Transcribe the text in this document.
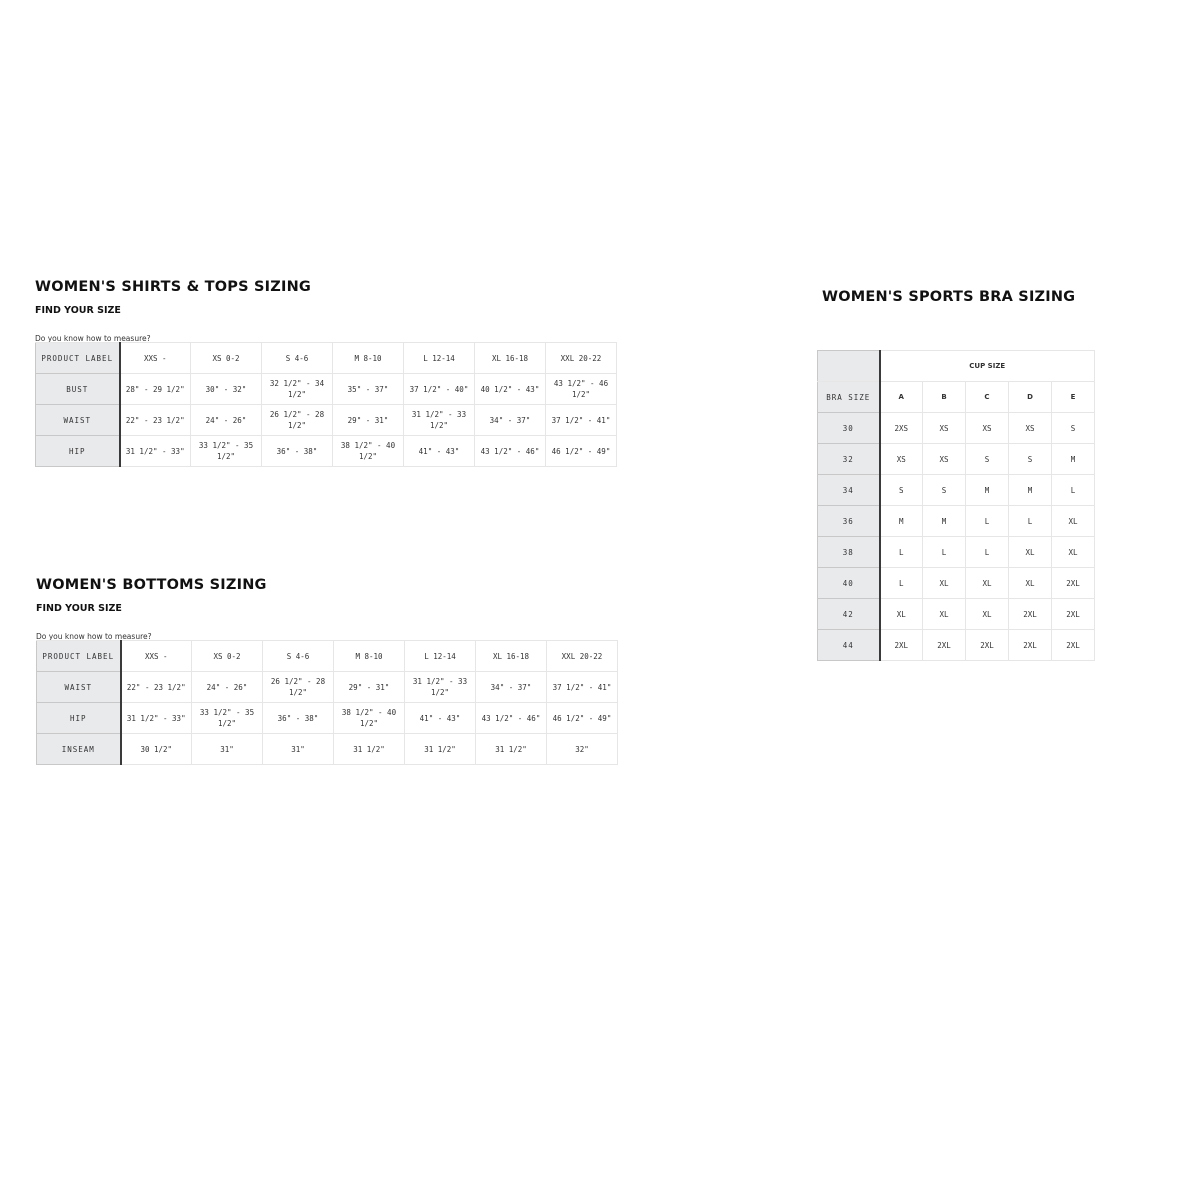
WOMEN'S SHIRTS & TOPS SIZING

FIND YOUR SIZE

Do you know how to measure?
PRODUCT LABEL	XXS -	XS 0-2	S 4-6	M 8-10	L 12-14	XL 16-18	XXL 20-22
BUST	28" - 29 1/2"	30" - 32"	32 1/2" - 34 1/2"	35" - 37"	37 1/2" - 40"	40 1/2" - 43"	43 1/2" - 46 1/2"
WAIST	22" - 23 1/2"	24" - 26"	26 1/2" - 28 1/2"	29" - 31"	31 1/2" - 33 1/2"	34" - 37"	37 1/2" - 41"
HIP	31 1/2" - 33"	33 1/2" - 35 1/2"	36" - 38"	38 1/2" - 40 1/2"	41" - 43"	43 1/2" - 46"	46 1/2" - 49"
WOMEN'S BOTTOMS SIZING

FIND YOUR SIZE

Do you know how to measure?
PRODUCT LABEL	XXS -	XS 0-2	S 4-6	M 8-10	L 12-14	XL 16-18	XXL 20-22
WAIST	22" - 23 1/2"	24" - 26"	26 1/2" - 28 1/2"	29" - 31"	31 1/2" - 33 1/2"	34" - 37"	37 1/2" - 41"
HIP	31 1/2" - 33"	33 1/2" - 35 1/2"	36" - 38"	38 1/2" - 40 1/2"	41" - 43"	43 1/2" - 46"	46 1/2" - 49"
INSEAM	30 1/2"	31"	31"	31 1/2"	31 1/2"	31 1/2"	32"
WOMEN'S SPORTS BRA SIZING
	CUP SIZE				
BRA SIZE	A	B	C	D	E
30	2XS	XS	XS	XS	S
32	XS	XS	S	S	M
34	S	S	M	M	L
36	M	M	L	L	XL
38	L	L	L	XL	XL
40	L	XL	XL	XL	2XL
42	XL	XL	XL	2XL	2XL
44	2XL	2XL	2XL	2XL	2XL
